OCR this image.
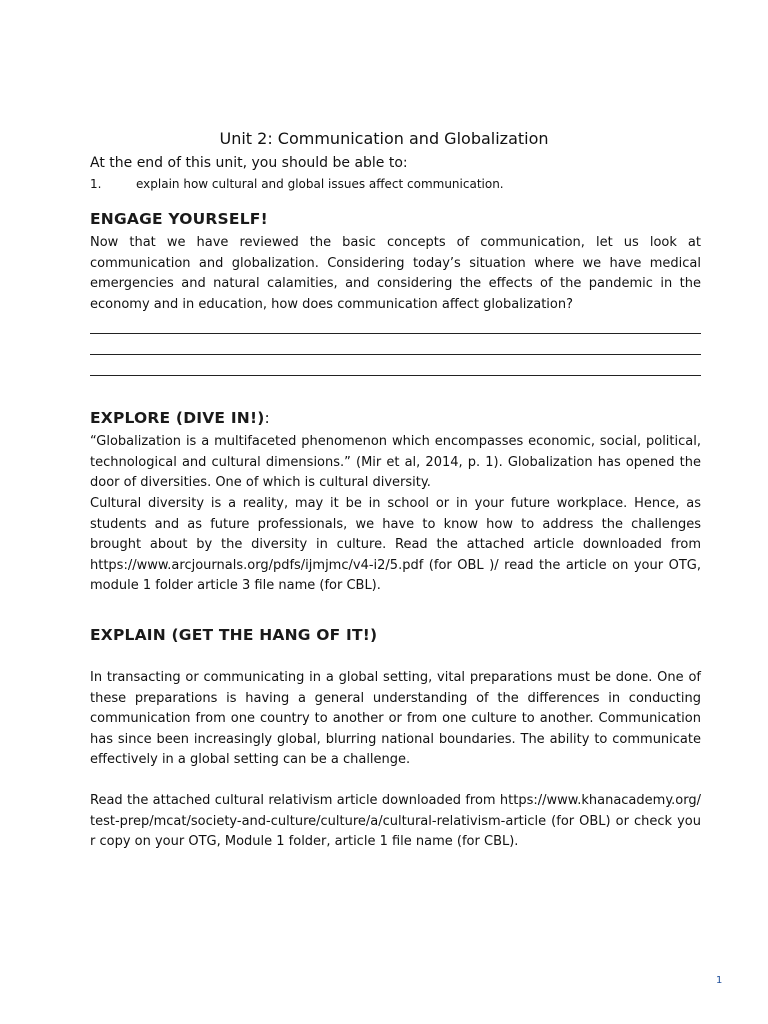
Unit 2: Communication and Globalization
At the end of this unit, you should be able to:
1.	explain how cultural and global issues affect communication.
ENGAGE YOURSELF!
Now that we have reviewed the basic concepts of communication, let us look at communication and globalization. Considering today’s situation where we have medical emergencies and natural calamities, and considering the effects of the pandemic in the economy and in education, how does communication affect globalization?
EXPLORE (DIVE IN!):
“Globalization is a multifaceted phenomenon which encompasses economic, social, political, technological and cultural dimensions.” (Mir et al, 2014, p. 1). Globalization has opened the door of diversities. One of which is cultural diversity.
Cultural diversity is a reality, may it be in school or in your future workplace. Hence, as students and as future professionals, we have to know how to address the challenges brought about by the diversity in culture. Read the attached article downloaded from https://www.arcjournals.org/pdfs/ijmjmc/v4-i2/5.pdf (for OBL )/ read the article on your OTG, module 1 folder article 3 file name (for CBL).
EXPLAIN (GET THE HANG OF IT!)
In transacting or communicating in a global setting, vital preparations must be done. One of these preparations is having a general understanding of the differences in conducting communication from one country to another or from one culture to another. Communication has since been increasingly global, blurring national boundaries. The ability to communicate effectively in a global setting can be a challenge.
Read the attached cultural relativism article downloaded from https://www.khanacademy.org/test-prep/mcat/society-and-culture/culture/a/cultural-relativism-article (for OBL) or check your copy on your OTG, Module 1 folder, article 1 file name (for CBL).
1
